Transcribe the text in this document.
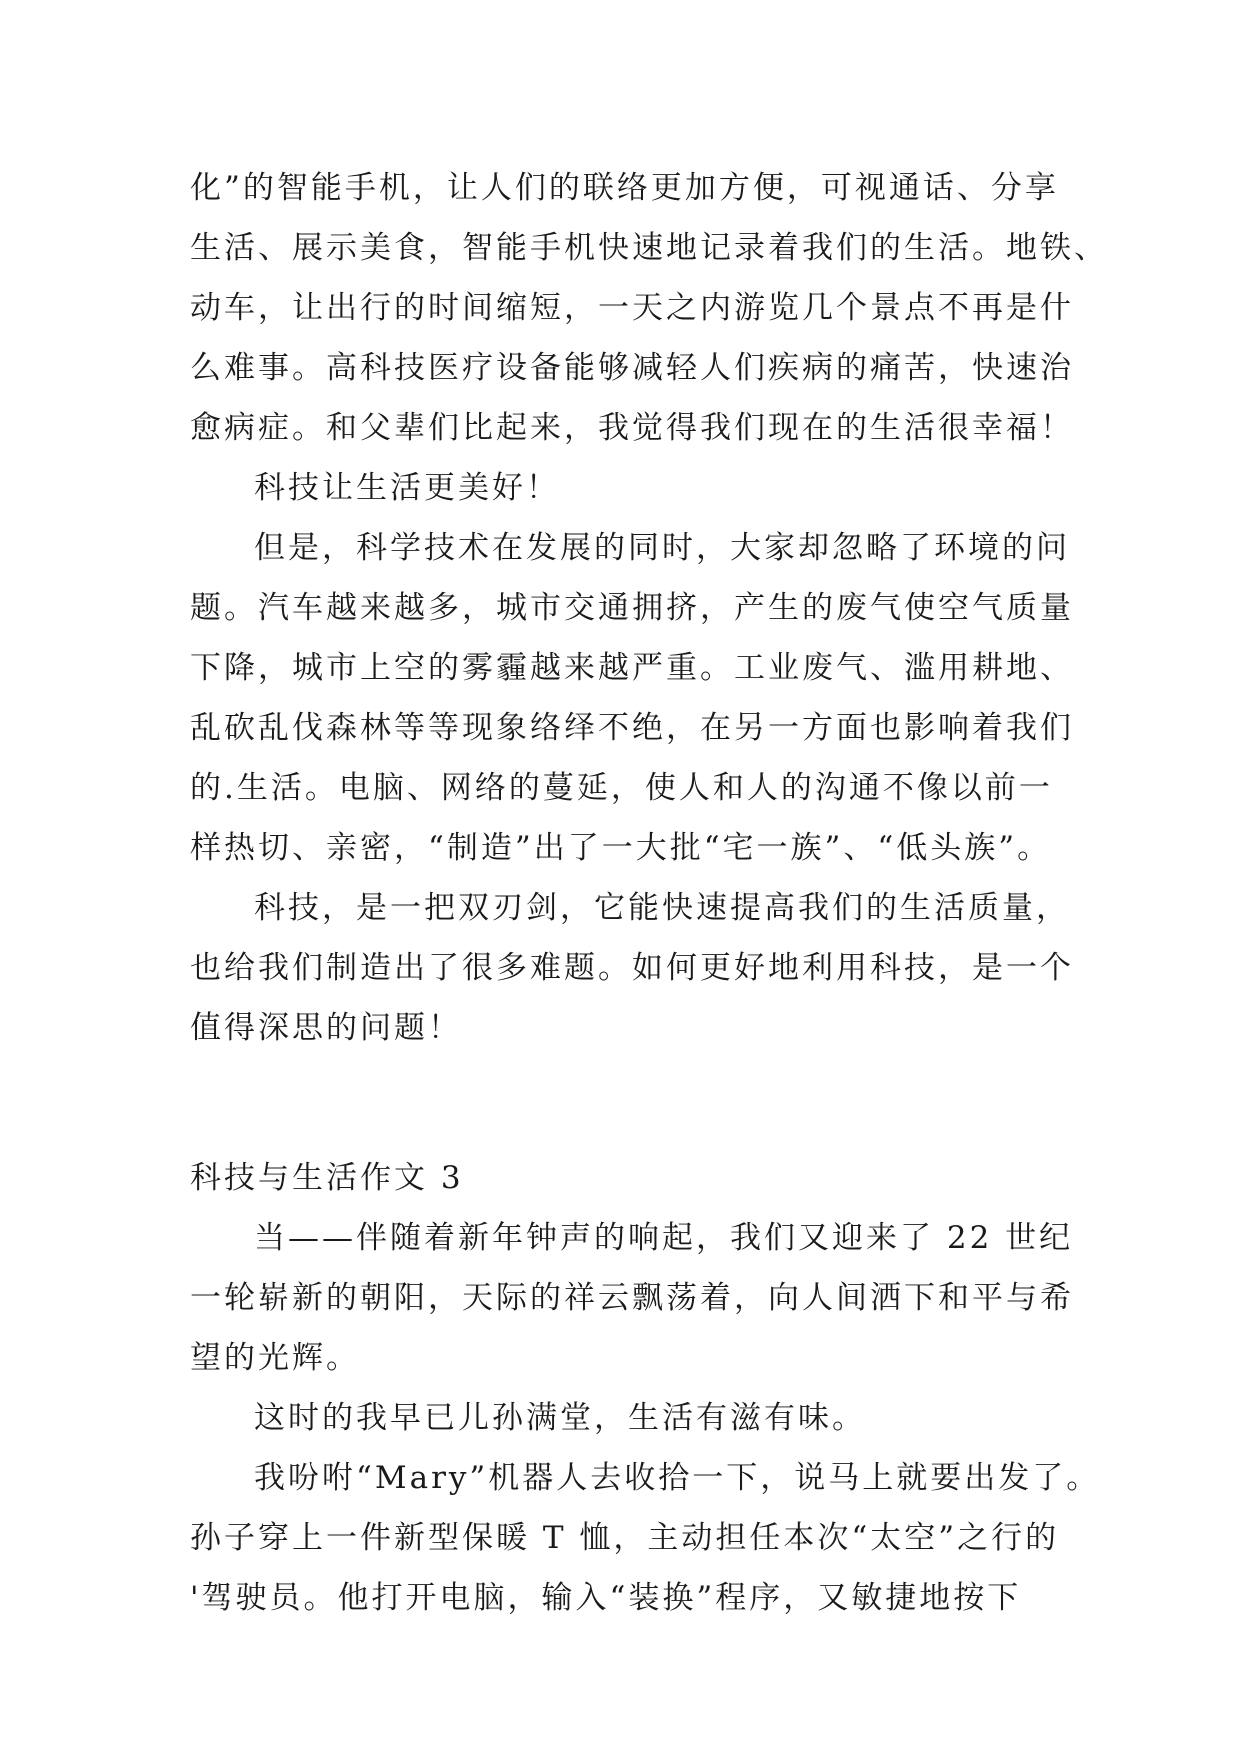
化”的智能手机，让人们的联络更加方便，可视通话、分享
生活、展示美食，智能手机快速地记录着我们的生活。地铁、
动车，让出行的时间缩短，一天之内游览几个景点不再是什
么难事。高科技医疗设备能够减轻人们疾病的痛苦，快速治
愈病症。和父辈们比起来，我觉得我们现在的生活很幸福！
科技让生活更美好！
但是，科学技术在发展的同时，大家却忽略了环境的问
题。汽车越来越多，城市交通拥挤，产生的废气使空气质量
下降，城市上空的雾霾越来越严重。工业废气、滥用耕地、
乱砍乱伐森林等等现象络绎不绝，在另一方面也影响着我们
的.生活。电脑、网络的蔓延，使人和人的沟通不像以前一
样热切、亲密，“制造”出了一大批“宅一族”、“低头族”。
科技，是一把双刃剑，它能快速提高我们的生活质量，
也给我们制造出了很多难题。如何更好地利用科技，是一个
值得深思的问题！
科技与生活作文 3
当——伴随着新年钟声的响起，我们又迎来了 22 世纪
一轮崭新的朝阳，天际的祥云飘荡着，向人间洒下和平与希
望的光辉。
这时的我早已儿孙满堂，生活有滋有味。
我吩咐“Mary”机器人去收拾一下，说马上就要出发了。
孙子穿上一件新型保暖 T 恤，主动担任本次“太空”之行的
'驾驶员。他打开电脑，输入“装换”程序，又敏捷地按下
